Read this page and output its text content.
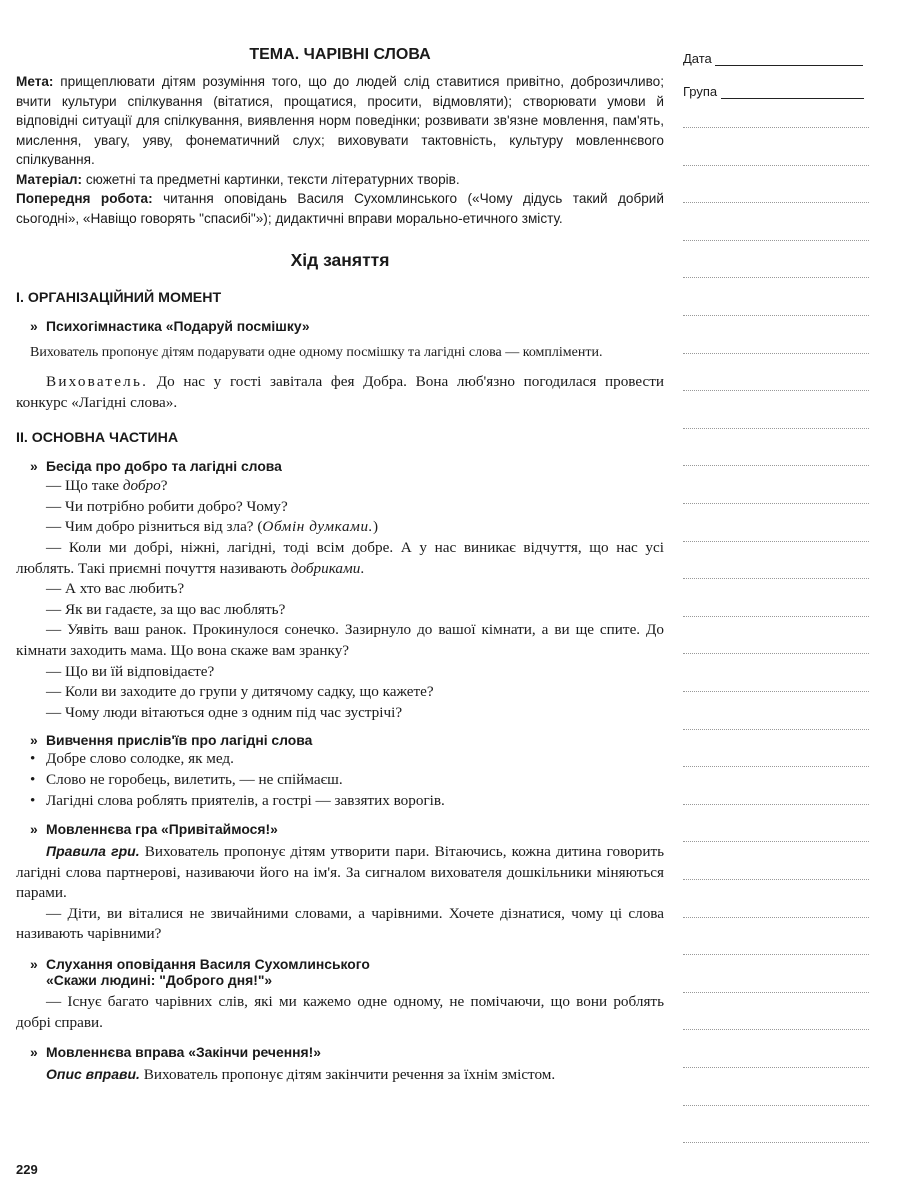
ТЕМА. ЧАРІВНІ СЛОВА

Мета: прищеплювати дітям розуміння того, що до людей слід ставитися привітно, доброзичливо; вчити культури спілкування (вітатися, прощатися, просити, відмовляти); створювати умови й відповідні ситуації для спілкування, виявлення норм поведінки; розвивати зв'язне мовлення, пам'ять, мислення, увагу, уяву, фонематичний слух; виховувати тактовність, культуру мовленнєвого спілкування.

Матеріал: сюжетні та предметні картинки, тексти літературних творів.

Попередня робота: читання оповідань Василя Сухомлинського («Чому дідусь такий добрий сьогодні», «Навіщо говорять "спасибі"»); дидактичні вправи морально-етичного змісту.

Хід заняття
I. ОРГАНІЗАЦІЙНИЙ МОМЕНТ
» Психогімнастика «Подаруй посмішку»

Вихователь пропонує дітям подарувати одне одному посмішку та лагідні слова — компліменти.

Вихователь. До нас у гості завітала фея Добра. Вона люб'язно погодилася провести конкурс «Лагідні слова».

II. ОСНОВНА ЧАСТИНА
» Бесіда про добро та лагідні слова

— Що таке добро?

— Чи потрібно робити добро? Чому?

— Чим добро різниться від зла? (Обмін думками.)

— Коли ми добрі, ніжні, лагідні, тоді всім добре. А у нас виникає відчуття, що нас усі люблять. Такі приємні почуття називають добриками.

— А хто вас любить?

— Як ви гадаєте, за що вас люблять?

— Уявіть ваш ранок. Прокинулося сонечко. Зазирнуло до вашої кімнати, а ви ще спите. До кімнати заходить мама. Що вона скаже вам зранку?

— Що ви їй відповідаєте?

— Коли ви заходите до групи у дитячому садку, що кажете?

— Чому люди вітаються одне з одним під час зустрічі?

» Вивчення прислів'їв про лагідні слова

• Добре слово солодке, як мед.

• Слово не горобець, вилетить, — не спіймаєш.

• Лагідні слова роблять приятелів, а гострі — завзятих ворогів.

» Мовленнєва гра «Привітаймося!»

Правила гри. Вихователь пропонує дітям утворити пари. Вітаючись, кожна дитина говорить лагідні слова партнерові, називаючи його на ім'я. За сигналом вихователя дошкільники міняються парами.

— Діти, ви віталися не звичайними словами, а чарівними. Хочете дізнатися, чому ці слова називають чарівними?

» Слухання оповідання Василя Сухомлинського
«Скажи людині: "Доброго дня!"»

— Існує багато чарівних слів, які ми кажемо одне одному, не помічаючи, що вони роблять добрі справи.

» Мовленнєва вправа «Закінчи речення!»

Опис вправи. Вихователь пропонує дітям закінчити речення за їхнім змістом.

Дата
Група
229
